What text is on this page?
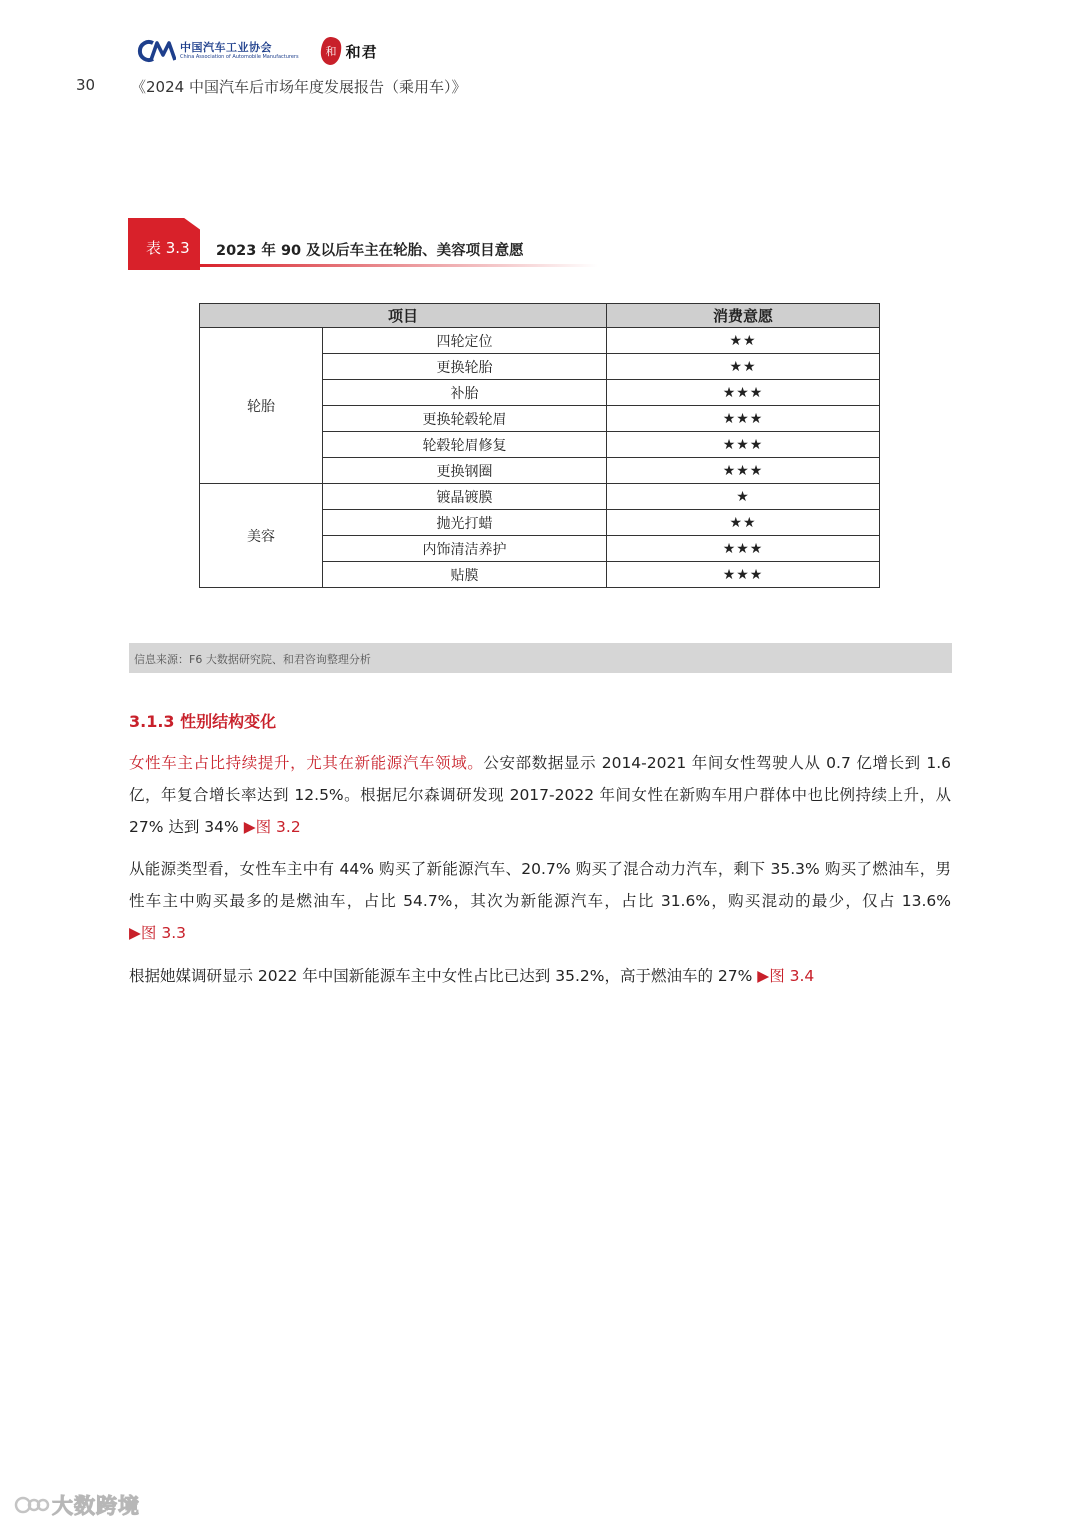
中国汽车工业协会
China Association of Automobile Manufacturers 和 和君
30 《2024 中国汽车后市场年度发展报告（乘用车）》
表 3.3 2023 年 90 及以后车主在轮胎、美容项目意愿
项目		消费意愿
轮胎	四轮定位	★★
	更换轮胎	★★
	补胎	★★★
	更换轮毂轮眉	★★★
	轮毂轮眉修复	★★★
	更换钢圈	★★★
美容	镀晶镀膜	★
	抛光打蜡	★★
	内饰清洁养护	★★★
	贴膜	★★★
信息来源：F6 大数据研究院、和君咨询整理分析
3.1.3 性别结构变化
女性车主占比持续提升，尤其在新能源汽车领域。公安部数据显示 2014-2021 年间女性驾驶人从 0.7 亿增长到 1.6 亿，年复合增长率达到 12.5%。根据尼尔森调研发现 2017-2022 年间女性在新购车用户群体中也比例持续上升，从 27% 达到 34% ▶图 3.2
从能源类型看，女性车主中有 44% 购买了新能源汽车、20.7% 购买了混合动力汽车，剩下 35.3% 购买了燃油车，男性车主中购买最多的是燃油车，占比 54.7%，其次为新能源汽车，占比 31.6%，购买混动的最少，仅占 13.6% ▶图 3.3
根据她媒调研显示 2022 年中国新能源车主中女性占比已达到 35.2%，高于燃油车的 27% ▶图 3.4
大数跨境
